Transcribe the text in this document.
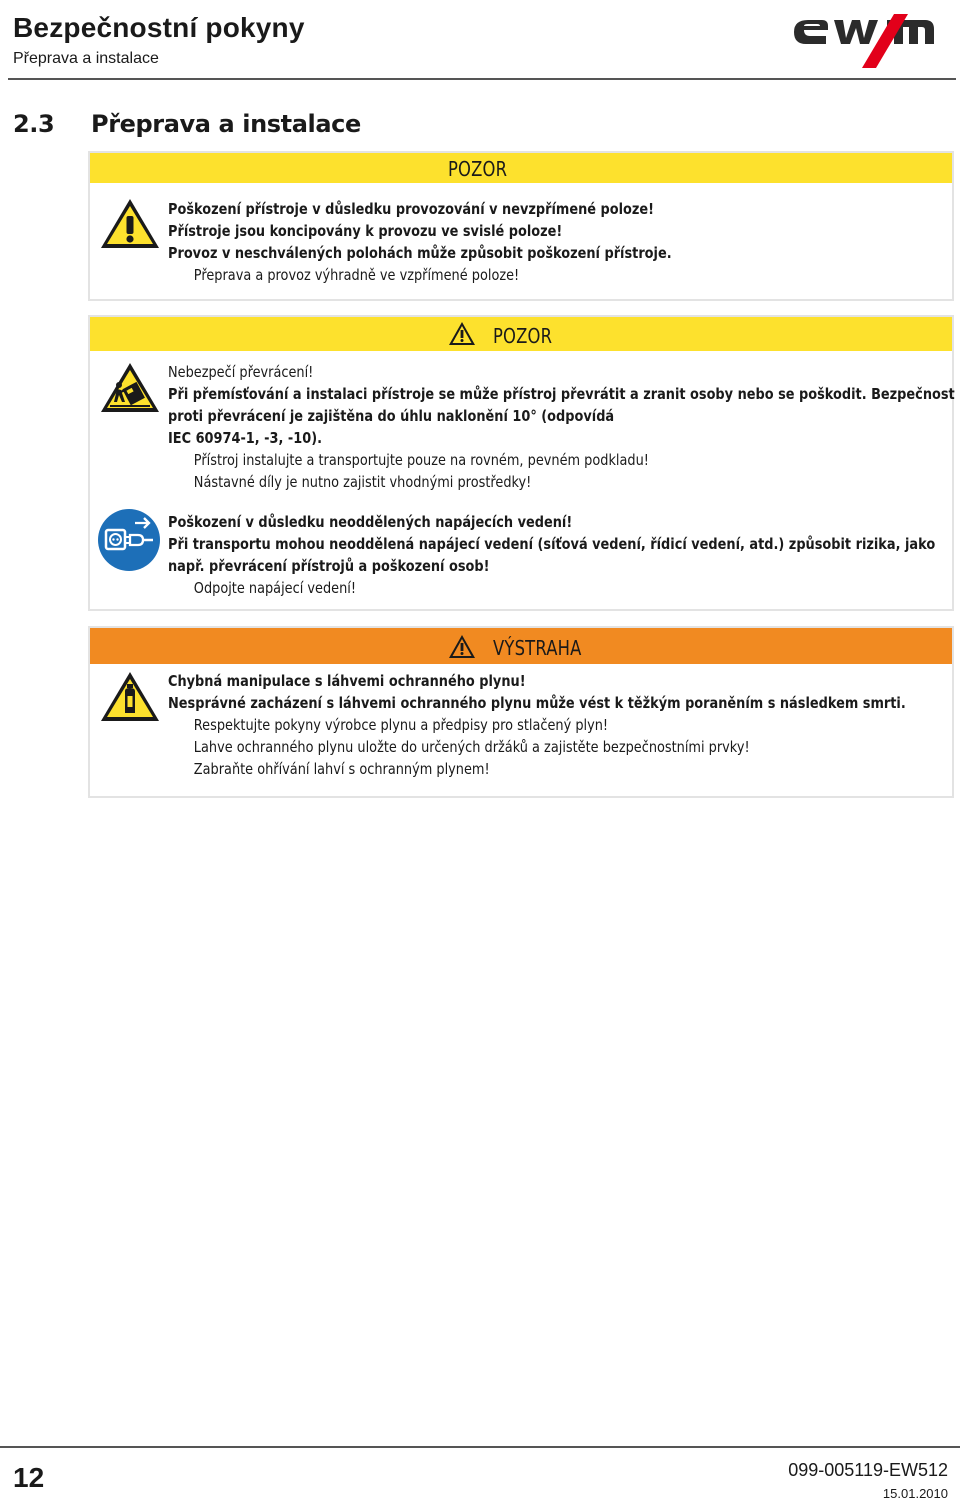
Bezpečnostní pokyny
Přeprava a instalace
2.3 Přeprava a instalace
POZOR
Poškození přístroje v důsledku provozování v nevzpřímené poloze!
Přístroje jsou koncipovány k provozu ve svislé poloze!
Provoz v neschválených polohách může způsobit poškození přístroje.
Přeprava a provoz výhradně ve vzpřímené poloze!
POZOR
Nebezpečí převrácení!
Při přemísťování a instalaci přístroje se může přístroj převrátit a zranit osoby nebo se poškodit. Bezpečnost
proti převrácení je zajištěna do úhlu naklonění 10° (odpovídá
IEC 60974-1, -3, -10).
Přístroj instalujte a transportujte pouze na rovném, pevném podkladu!
Nástavné díly je nutno zajistit vhodnými prostředky!
Poškození v důsledku neoddělených napájecích vedení!
Při transportu mohou neoddělená napájecí vedení (síťová vedení, řídicí vedení, atd.) způsobit rizika, jako
např. převrácení přístrojů a poškození osob!
Odpojte napájecí vedení!
VÝSTRAHA
Chybná manipulace s láhvemi ochranného plynu!
Nesprávné zacházení s láhvemi ochranného plynu může vést k těžkým poraněním s následkem smrti.
Respektujte pokyny výrobce plynu a předpisy pro stlačený plyn!
Lahve ochranného plynu uložte do určených držáků a zajistěte bezpečnostními prvky!
Zabraňte ohřívání lahví s ochranným plynem!
12	099-005119-EW512
15.01.2010
